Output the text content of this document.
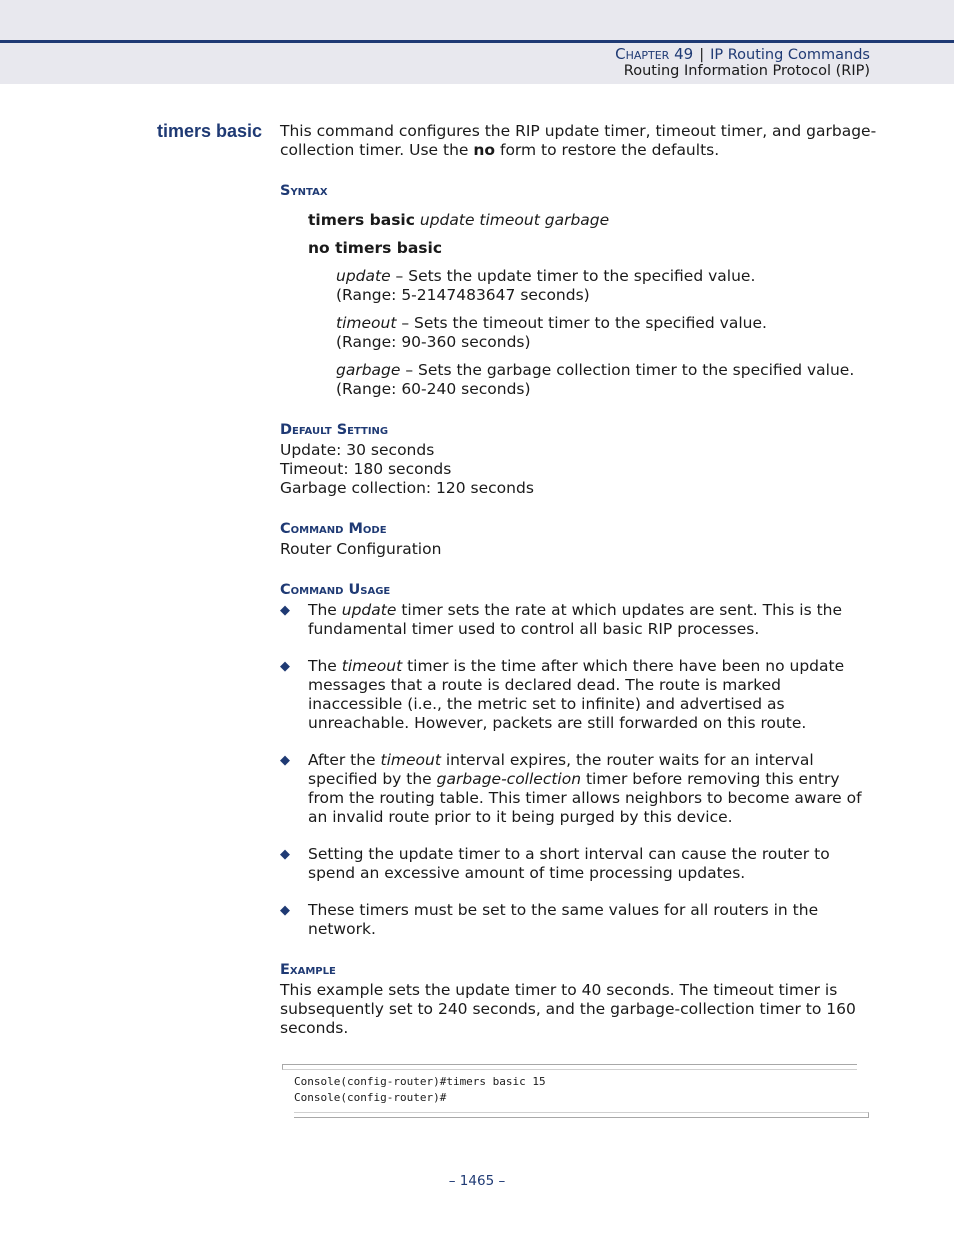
Chapter 49 | IP Routing Commands
Routing Information Protocol (RIP)
timers basic This command configures the RIP update timer, timeout timer, and garbage- collection timer. Use the no form to restore the defaults.

Syntax
timers basic update timeout garbage
no timers basic
update – Sets the update timer to the specified value.
(Range: 5-2147483647 seconds)
timeout – Sets the timeout timer to the specified value.
(Range: 90-360 seconds)
garbage – Sets the garbage collection timer to the specified value.
(Range: 60-240 seconds)
Default Setting
Update: 30 seconds
Timeout: 180 seconds
Garbage collection: 120 seconds
Command Mode
Router Configuration
Command Usage
◆ The update timer sets the rate at which updates are sent. This is the fundamental timer used to control all basic RIP processes.
◆ The timeout timer is the time after which there have been no update messages that a route is declared dead. The route is marked inaccessible (i.e., the metric set to infinite) and advertised as unreachable. However, packets are still forwarded on this route.
◆ After the timeout interval expires, the router waits for an interval specified by the garbage-collection timer before removing this entry from the routing table. This timer allows neighbors to become aware of an invalid route prior to it being purged by this device.
◆ Setting the update timer to a short interval can cause the router to spend an excessive amount of time processing updates.
◆ These timers must be set to the same values for all routers in the network.
Example
This example sets the update timer to 40 seconds. The timeout timer is subsequently set to 240 seconds, and the garbage-collection timer to 160 seconds.
Console(config-router)#timers basic 15
Console(config-router)#
– 1465 –
